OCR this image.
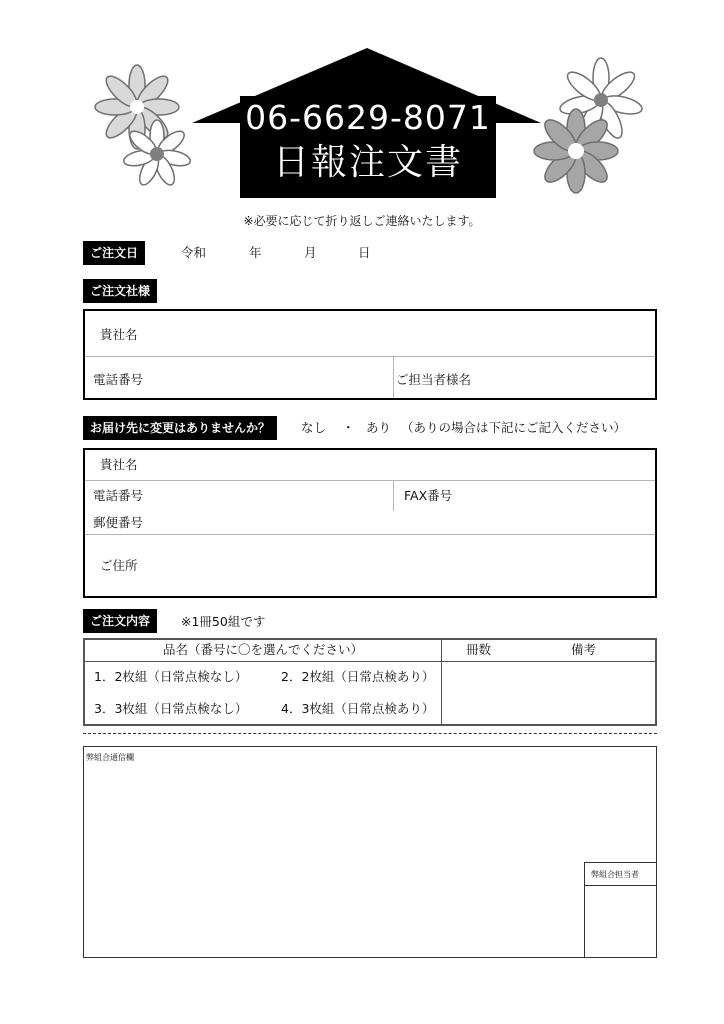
06-6629-8071
日報注文書
※必要に応じて折り返しご連絡いたします。
ご注文日	令和	年	月	日
ご注文社様
貴社名
電話番号	ご担当者様名
お届け先に変更はありませんか？	なし ・ あり （ありの場合は下記にご記入ください）
貴社名
電話番号	FAX番号
郵便番号
ご住所
ご注文内容	※1冊50組です
品名（番号に〇を選んでください）	冊数	備考
1．2枚組（日常点検なし）	2．2枚組（日常点検あり）
3．3枚組（日常点検なし）	4．3枚組（日常点検あり）
弊組合通信欄
弊組合担当者
